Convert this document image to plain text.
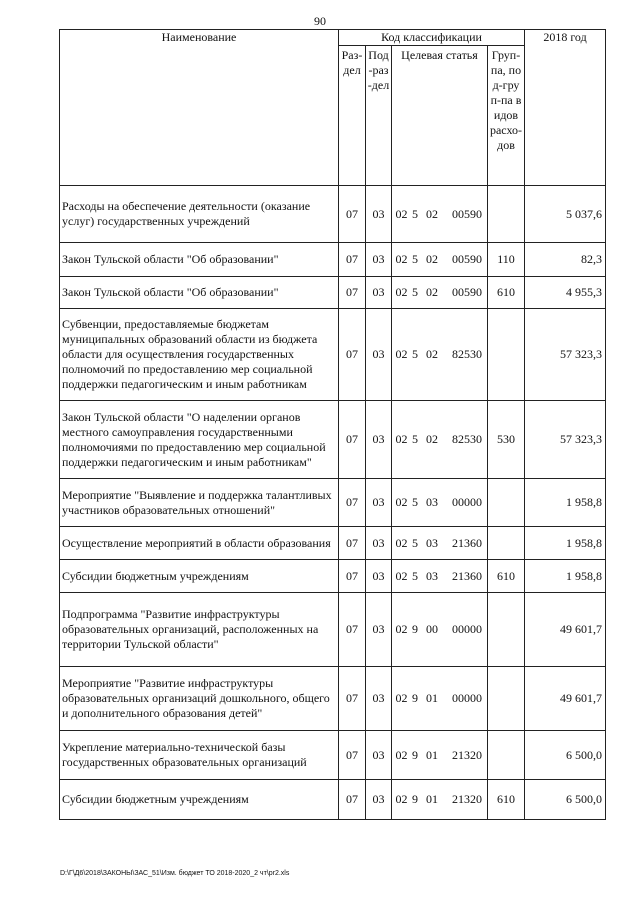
90
Наименование	Код классификации				2018 год

	Раз-дел	Под-раз-дел	Целевая статья	Груп-па, под-груп-па видов расхо-дов	

Расходы на обеспечение деятельности (оказание услуг) государственных учреждений	07	03	02 5 02 00590		5 037,6
Закон Тульской области "Об образовании"	07	03	02 5 02 00590	110	82,3
Закон Тульской области "Об образовании"	07	03	02 5 02 00590	610	4 955,3
Субвенции, предоставляемые бюджетам муниципальных образований области из бюджета области для осуществления государственных полномочий по предоставлению мер социальной поддержки педагогическим и иным работникам	07	03	02 5 02 82530		57 323,3
Закон Тульской области "О наделении органов местного самоуправления государственными полномочиями по предоставлению мер социальной поддержки педагогическим и иным работникам"	07	03	02 5 02 82530	530	57 323,3
Мероприятие "Выявление и поддержка талантливых участников образовательных отношений"	07	03	02 5 03 00000		1 958,8
Осуществление мероприятий в области образования	07	03	02 5 03 21360		1 958,8
Субсидии бюджетным учреждениям	07	03	02 5 03 21360	610	1 958,8
Подпрограмма "Развитие инфраструктуры образовательных организаций, расположенных на территории Тульской области"	07	03	02 9 00 00000		49 601,7
Мероприятие "Развитие инфраструктуры образовательных организаций дошкольного, общего и дополнительного образования детей"	07	03	02 9 01 00000		49 601,7
Укрепление материально-технической базы государственных образовательных организаций	07	03	02 9 01 21320		6 500,0
Субсидии бюджетным учреждениям	07	03	02 9 01 21320	610	6 500,0
D:\Г\Д6\2018\ЗАКОНЫ\ЗАС_51\Изм. бюджет ТО 2018-2020_2 чт\pr2.xls
